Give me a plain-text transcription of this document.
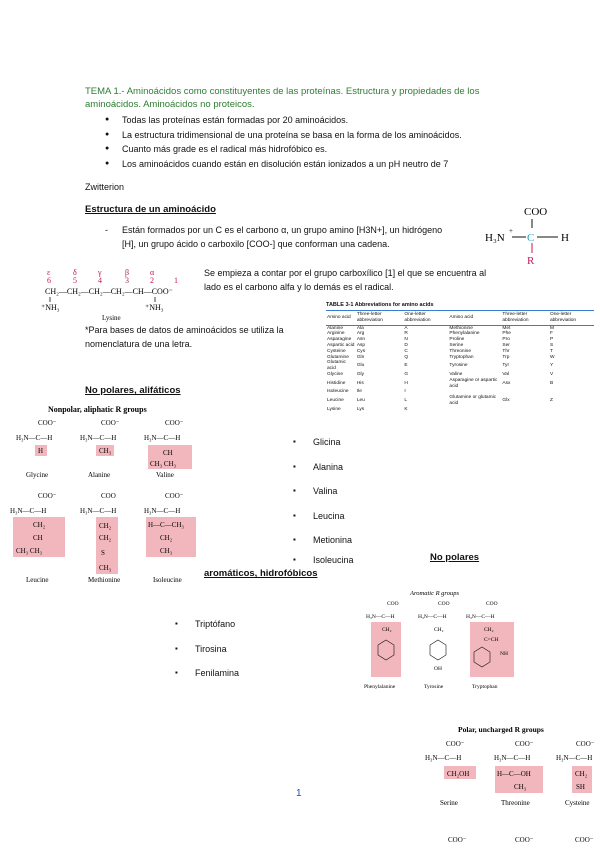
TEMA 1.- Aminoácidos como constituyentes de las proteínas. Estructura y propiedades de los aminoácidos. Aminoácidos no proteicos.
● Todas las proteínas están formadas por 20 aminoácidos.
● La estructura tridimensional de una proteína se basa en la forma de los aminoácidos.
● Cuanto más grade es el radical más hidrofóbico es.
● Los aminoácidos cuando están en disolución están ionizados a un pH neutro de 7
Zwitterion
Estructura de un aminoácido
- Están formados por un C es el carbono α, un grupo amino [H3N+], un hidrógeno [H], un grupo ácido o carboxilo [COO-] que conforman una cadena.
COO
H₃N
+
C H
R
ε	δ	γ	β	α
6	5	4	3	2	1
CH₂—CH₂—CH₂—CH₂—CH—COO⁻
⁺NH₃	⁺NH₃
Lysine
Se empieza a contar por el grupo carboxílico [1] el que se encuentra al lado es el carbono alfa y lo demás es el radical.
TABLE 3-1 Abbreviations for amino acids
Amino acid	Three-letter abbreviation	One-letter abbreviation	Amino acid	Three-letter abbreviation	One-letter abbreviation
Alanine	Ala	A	Methionine	Met	M
Arginine	Arg	R	Phenylalanine	Phe	F
Asparagine	Asn	N	Proline	Pro	P
Aspartic acid	Asp	D	Serine	Ser	S
Cysteine	Cys	C	Threonine	Thr	T
Glutamine	Gln	Q	Tryptophan	Trp	W
Glutamic acid	Glu	E	Tyrosine	Tyr	Y
Glycine	Gly	G	Valine	Val	V
Histidine	His	H	Asparagine or aspartic acid	Asx	B
Isoleucine	Ile	I			
Leucine	Leu	L	Glutamine or glutamic acid	Glx	Z
Lysine	Lys	K			
*Para bases de datos de aminoácidos se utiliza la nomenclatura de una letra.
No polares, alifáticos
Nonpolar, aliphatic R groups
COO⁻
H₃N—C—H
H
COO⁻
H₃N—C—H
CH₃
COO⁻
H₃N—C—H
CH
CH₃ CH₃
COO⁻
H₃N—C—H
CH₂
CH
CH₃ CH₃
COO
H₃N—C—H
CH₂
CH₂
S
CH₃
COO⁻
H₃N—C—H
H—C—CH₃
CH₂
CH₃
Glycine	Alanine	Valine
Leucine	Methionine	Isoleucine
▪ Glicina
▪ Alanina
▪ Valina
▪ Leucina
▪ Metionina
▪ Isoleucina	No polares
aromáticos, hidrofóbicos
▪ Triptófano
▪ Tirosina
▪ Fenilamina
Aromatic R groups
COO
H₃N—C—H
CH₂
COO
H₃N—C—H
CH₂
OH
COO
H₃N—C—H
CH₂
C=CH
NH
Phenylalanine	Tyrosine	Tryptophan
Polar, uncharged R groups
COO⁻
H₃N—C—H
CH₂OH
COO⁻
H₃N—C—H
H—C—OH
CH₃
COO⁻
H₃N—C—H
CH₂
SH
Serine	Threonine	Cysteine
COO⁻	COO⁻	COO⁻
1
